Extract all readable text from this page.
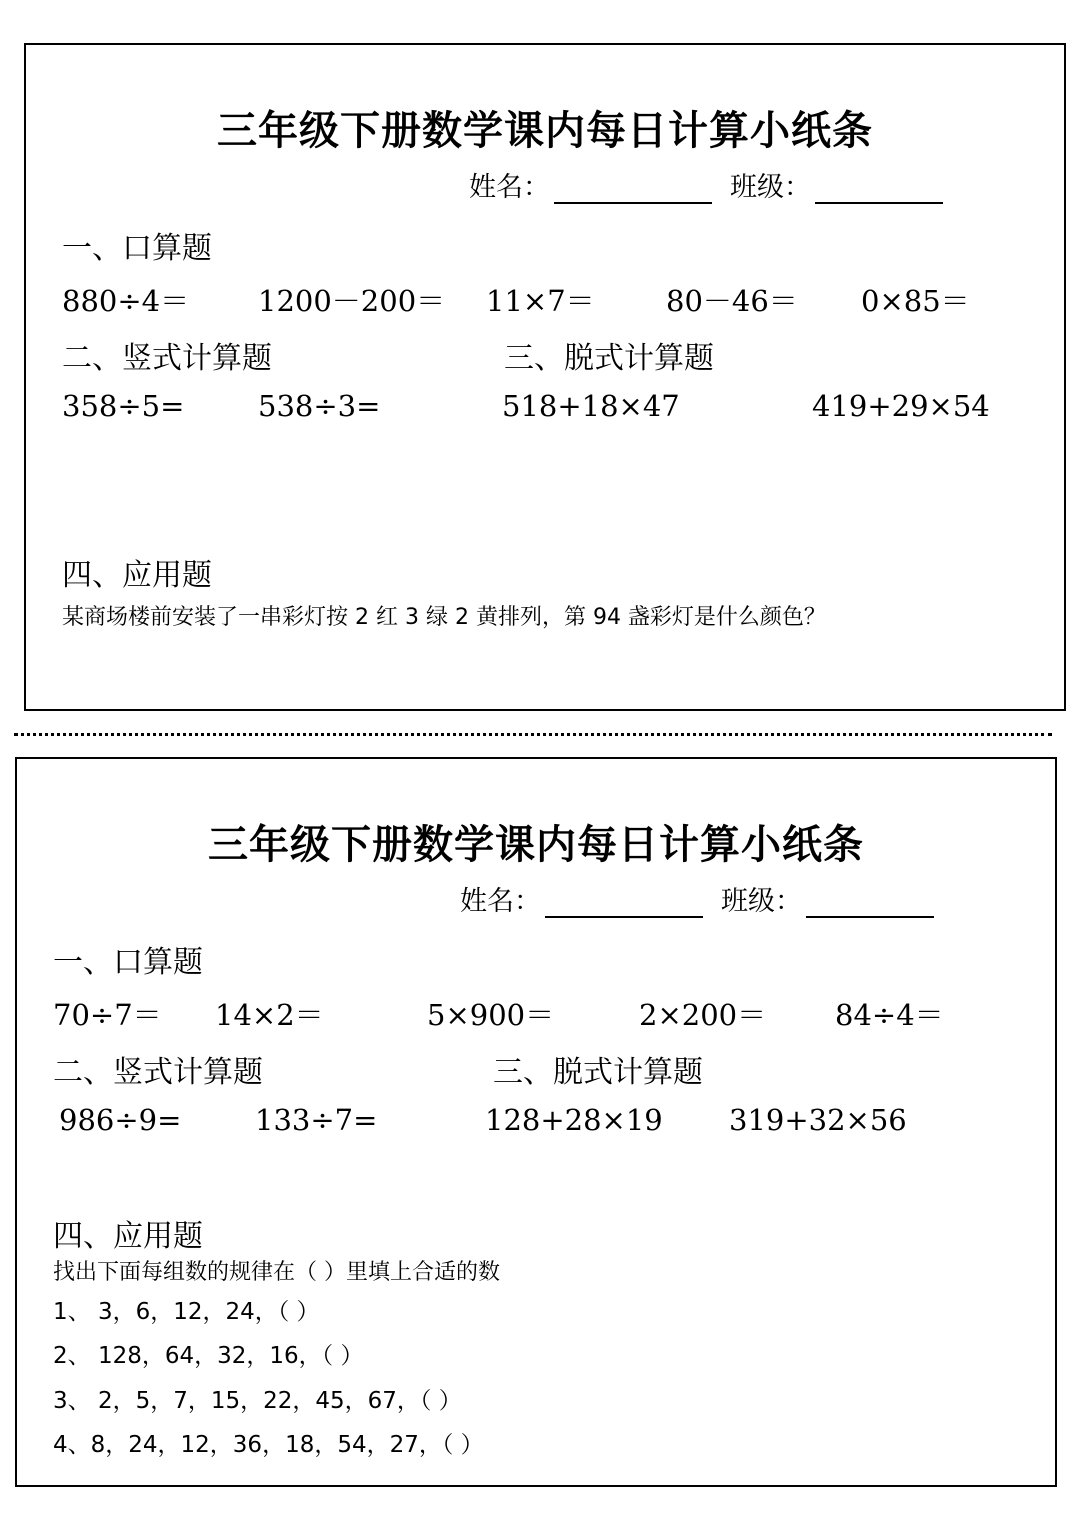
三年级下册数学课内每日计算小纸条
姓名：	班级：
一、口算题
880÷4＝ 1200－200＝ 11×7＝ 80－46＝ 0×85＝
二、竖式计算题	三、脱式计算题
358÷5=	538÷3=	518+18×47	419+29×54
四、应用题
某商场楼前安装了一串彩灯按 2 红 3 绿 2 黄排列，第 94 盏彩灯是什么颜色？
三年级下册数学课内每日计算小纸条
姓名：	班级：
一、口算题
70÷7＝ 14×2＝	5×900＝	2×200＝ 84÷4＝
二、竖式计算题	三、脱式计算题
986÷9=	133÷7=	128+28×19 319+32×56
四、应用题
找出下面每组数的规律在（ ）里填上合适的数
1、 3，6，12，24，（ ）
2、 128，64，32，16，（ ）
3、 2，5，7，15，22，45，67，（ ）
4、8，24，12，36，18，54，27，（ ）
